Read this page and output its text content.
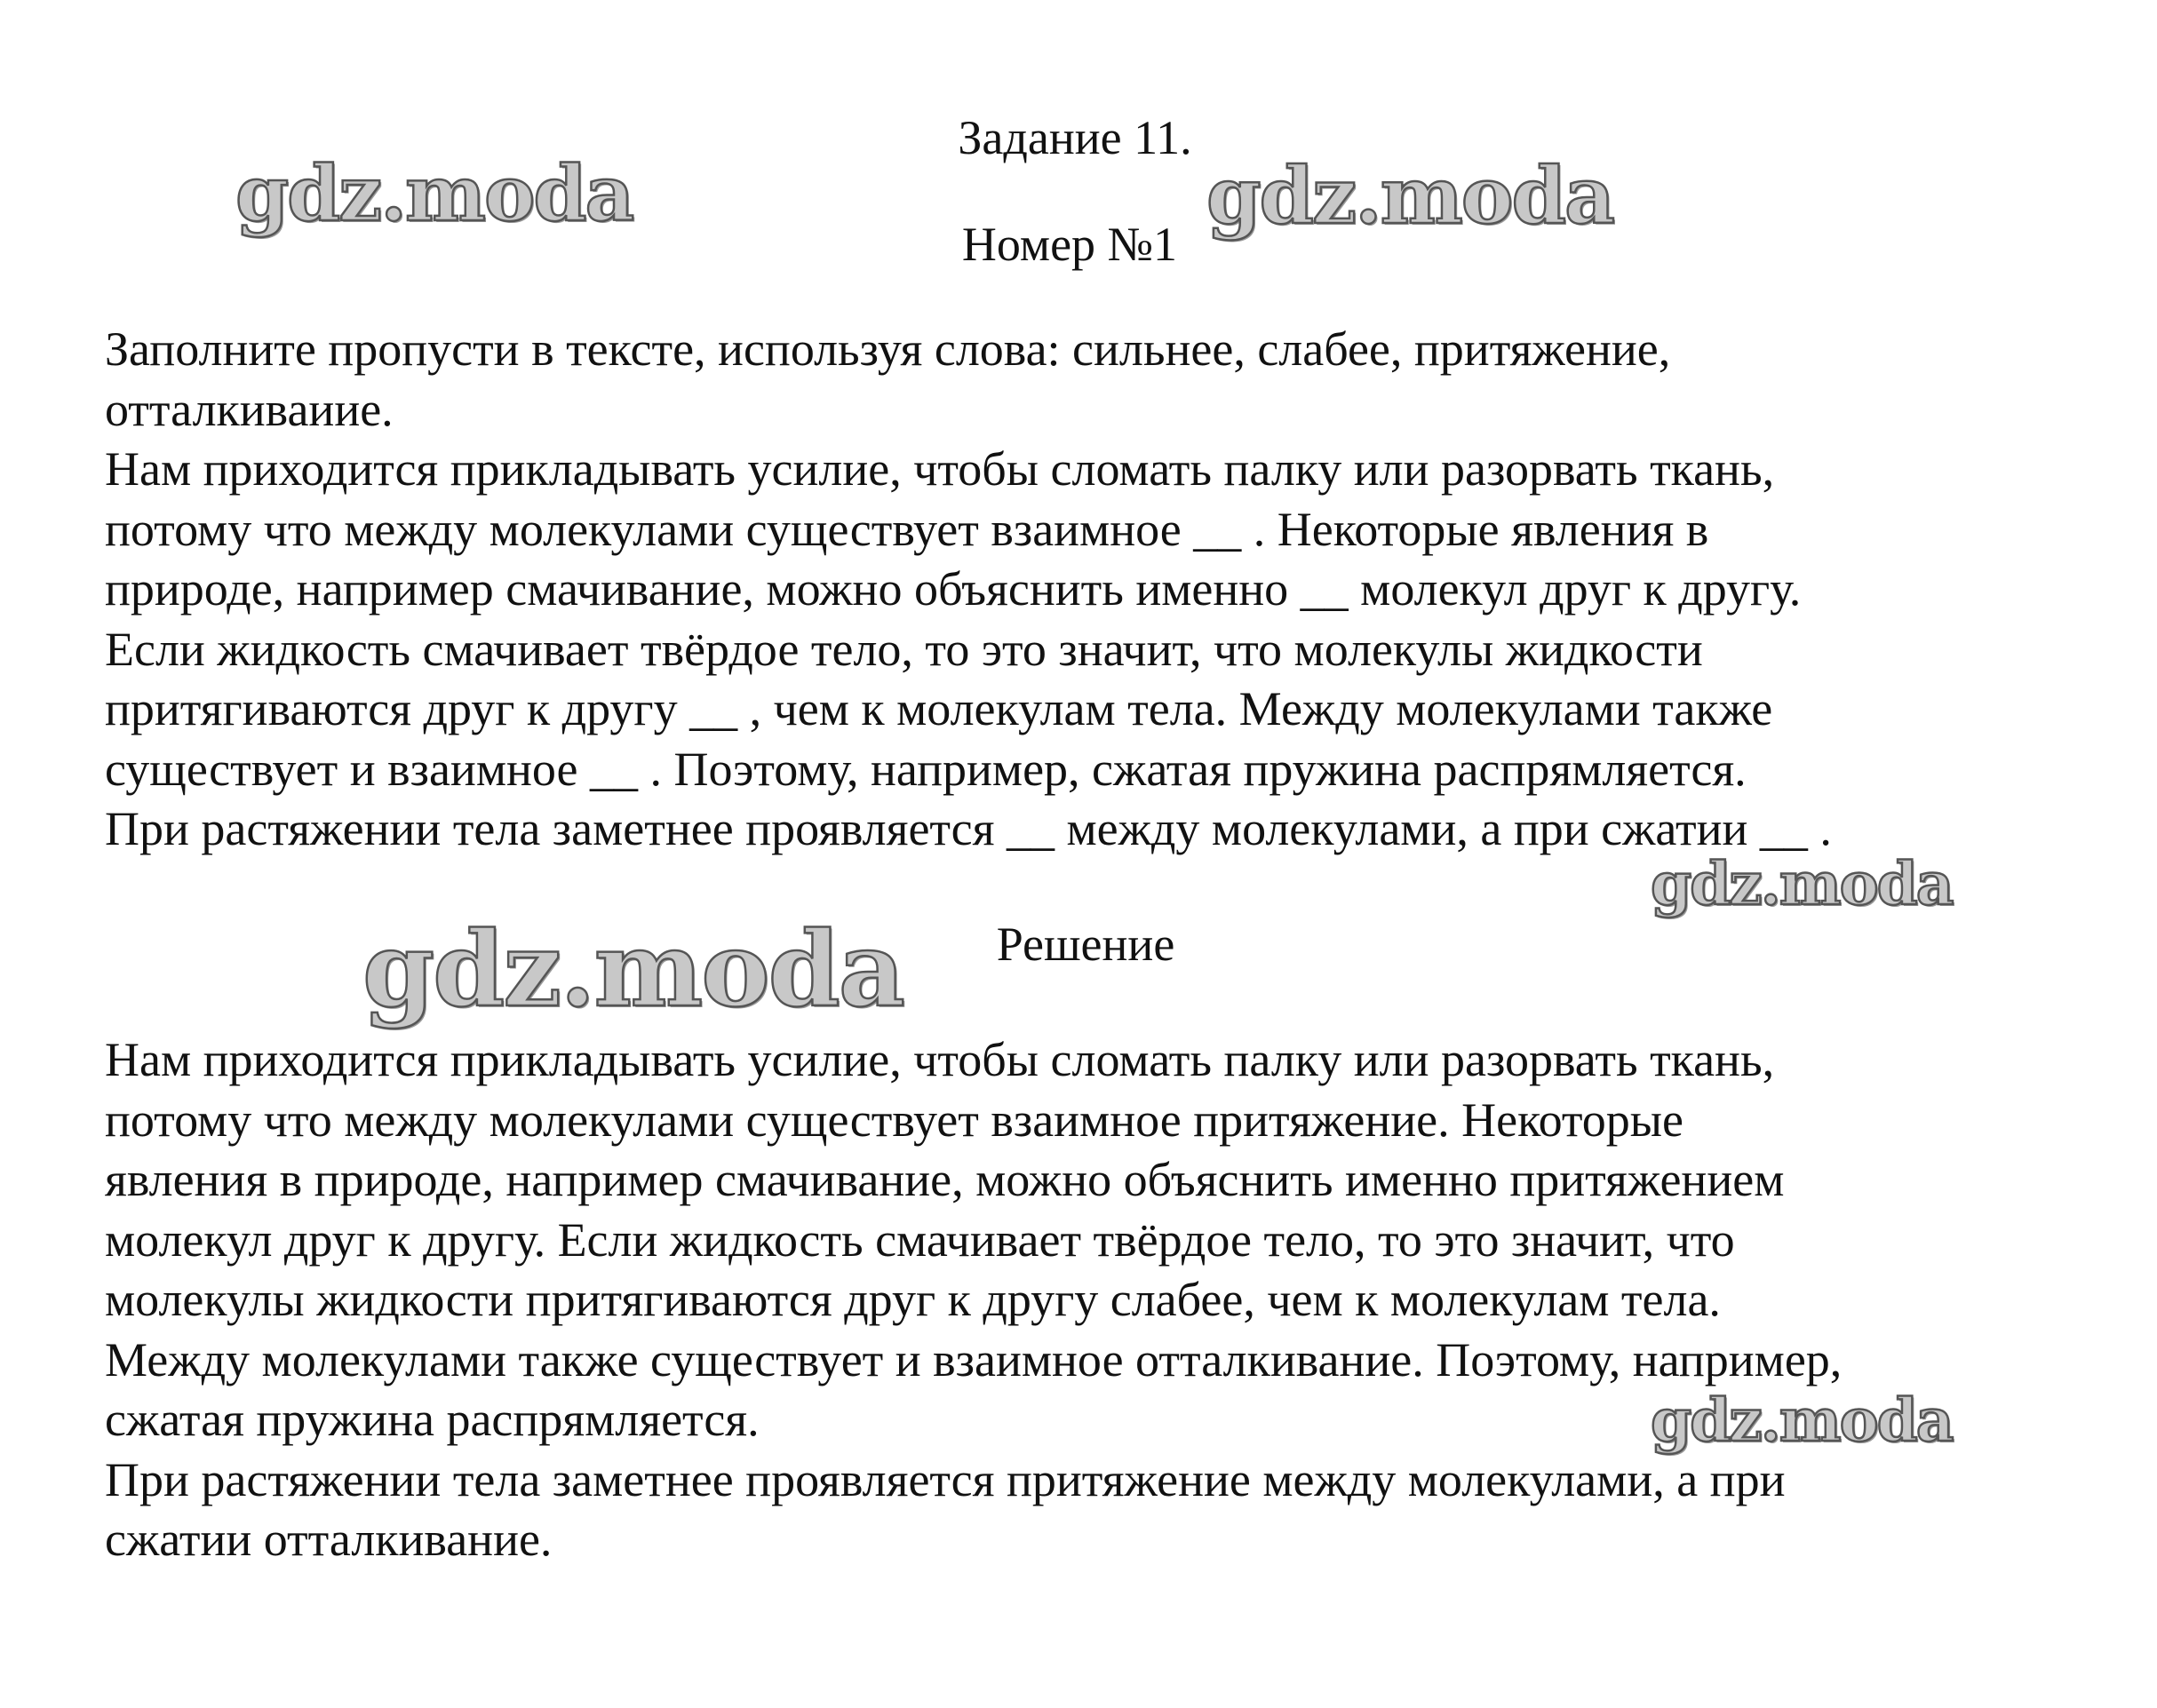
Задание 11.
Номер №1
Заполните пропусти в тексте, используя слова: сильнее, слабее, притяжение,
отталкиваиие.
Нам приходится прикладывать усилие, чтобы сломать палку или разорвать ткань,
потому что между молекулами существует взаимное __ . Некоторые явления в
природе, например смачивание, можно объяснить именно __ молекул друг к другу.
Если жидкость смачивает твёрдое тело, то это значит, что молекулы жидкости
притягиваются друг к другу __ , чем к молекулам тела. Между молекулами также
существует и взаимное __ . Поэтому, например, сжатая пружина распрямляется.
При растяжении тела заметнее проявляется __ между молекулами, а при сжатии __ .
Решение
Нам приходится прикладывать усилие, чтобы сломать палку или разорвать ткань,
потому что между молекулами существует взаимное притяжение. Некоторые
явления в природе, например смачивание, можно объяснить именно притяжением
молекул друг к другу. Если жидкость смачивает твёрдое тело, то это значит, что
молекулы жидкости притягиваются друг к другу слабее, чем к молекулам тела.
Между молекулами также существует и взаимное отталкивание. Поэтому, например,
сжатая пружина распрямляется.
При растяжении тела заметнее проявляется притяжение между молекулами, а при
сжатии отталкивание.
gdz.moda	gdz.moda
gdz.moda
gdz.moda
gdz.moda
